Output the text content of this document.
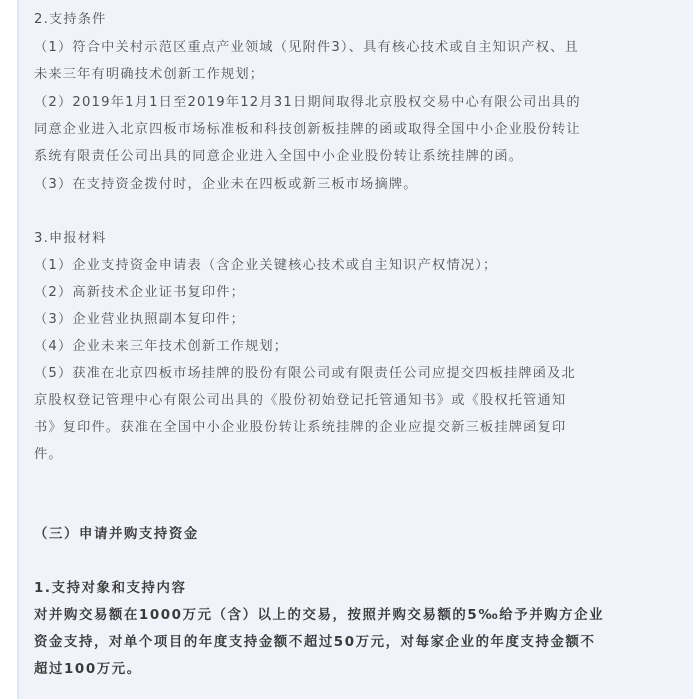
2.支持条件
（1）符合中关村示范区重点产业领域（见附件3）、具有核心技术或自主知识产权、且
未来三年有明确技术创新工作规划；
（2）2019年1月1日至2019年12月31日期间取得北京股权交易中心有限公司出具的
同意企业进入北京四板市场标准板和科技创新板挂牌的函或取得全国中小企业股份转让
系统有限责任公司出具的同意企业进入全国中小企业股份转让系统挂牌的函。
（3）在支持资金拨付时，企业未在四板或新三板市场摘牌。
3.申报材料
（1）企业支持资金申请表（含企业关键核心技术或自主知识产权情况）；
（2）高新技术企业证书复印件；
（3）企业营业执照副本复印件；
（4）企业未来三年技术创新工作规划；
（5）获准在北京四板市场挂牌的股份有限公司或有限责任公司应提交四板挂牌函及北
京股权登记管理中心有限公司出具的《股份初始登记托管通知书》或《股权托管通知
书》复印件。获准在全国中小企业股份转让系统挂牌的企业应提交新三板挂牌函复印
件。
（三）申请并购支持资金
1.支持对象和支持内容
对并购交易额在1000万元（含）以上的交易，按照并购交易额的5‰给予并购方企业
资金支持，对单个项目的年度支持金额不超过50万元，对每家企业的年度支持金额不
超过100万元。
